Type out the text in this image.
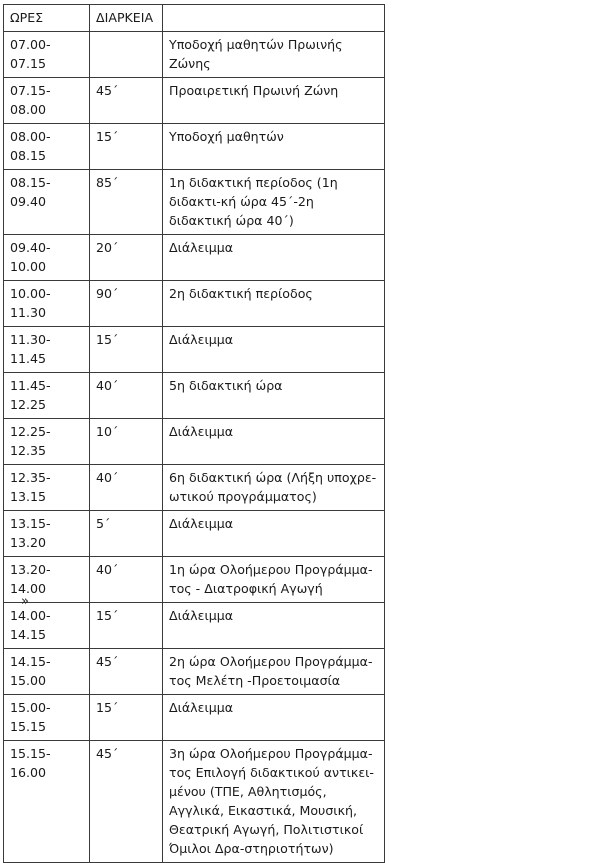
ΩΡΕΣ	ΔΙΑΡΚΕΙΑ	
07.00-07.15		Υποδοχή μαθητών Πρωινής Ζώνης
07.15-08.00	45΄	Προαιρετική Πρωινή Ζώνη
08.00-08.15	15΄	Υποδοχή μαθητών
08.15-09.40	85΄	1η διδακτική περίοδος (1η διδακτι-κή ώρα 45΄-2η διδακτική ώρα 40΄)
09.40-10.00	20΄	Διάλειμμα
10.00-11.30	90΄	2η διδακτική περίοδος
11.30-11.45	15΄	Διάλειμμα
11.45-12.25	40΄	5η διδακτική ώρα
12.25-12.35	10΄	Διάλειμμα
12.35-13.15	40΄	6η διδακτική ώρα (Λήξη υποχρε-ωτικού προγράμματος)
13.15-13.20	5΄	Διάλειμμα
13.20-14.00	40΄	1η ώρα Ολοήμερου Προγράμμα-τος - Διατροφική Αγωγή
14.00-14.15	15΄	Διάλειμμα
14.15-15.00	45΄	2η ώρα Ολοήμερου Προγράμμα-τος Μελέτη -Προετοιμασία
15.00-15.15	15΄	Διάλειμμα
15.15-16.00	45΄	3η ώρα Ολοήμερου Προγράμμα-τος Επιλογή διδακτικού αντικει-μένου (ΤΠΕ, Αθλητισμός, Αγγλικά, Εικαστικά, Μουσική, Θεατρική Αγωγή, Πολιτιστικοί Όμιλοι Δρα-στηριοτήτων)
»
